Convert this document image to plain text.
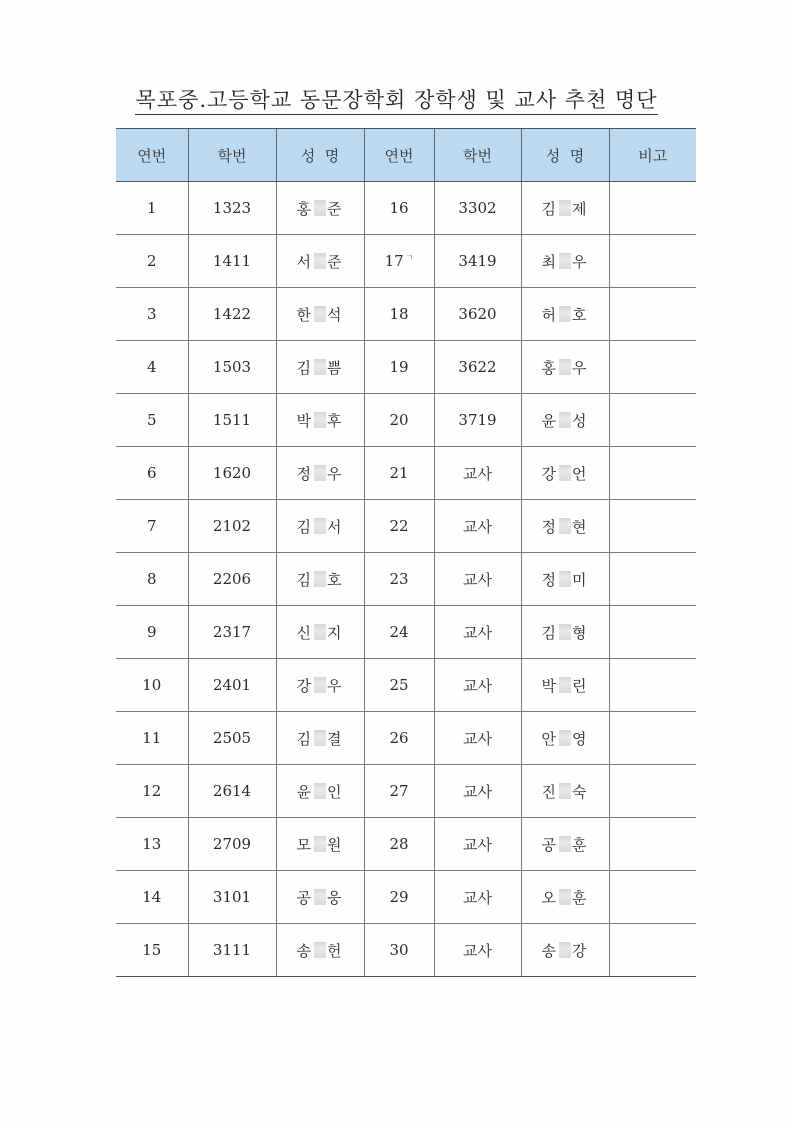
목포중.고등학교 동문장학회 장학생 및 교사 추천 명단
연번	학번	성  명	연번	학번	성  명	비고
1	1323	홍 준	16	3302	김 제	
2	1411	서 준	17 $^ㄱ$	3419	최 우	
3	1422	한 석	18	3620	허 호	
4	1503	김 쁨	19	3622	홍 우	
5	1511	박 후	20	3719	윤 성	
6	1620	정 우	21	교사	강 언	
7	2102	김 서	22	교사	정 현	
8	2206	김 호	23	교사	정 미	
9	2317	신 지	24	교사	김 형	
10	2401	강 우	25	교사	박 린	
11	2505	김 결	26	교사	안 영	
12	2614	윤 인	27	교사	진 숙	
13	2709	모 원	28	교사	공 훈	
14	3101	공 웅	29	교사	오 훈	
15	3111	송 헌	30	교사	송 강	
